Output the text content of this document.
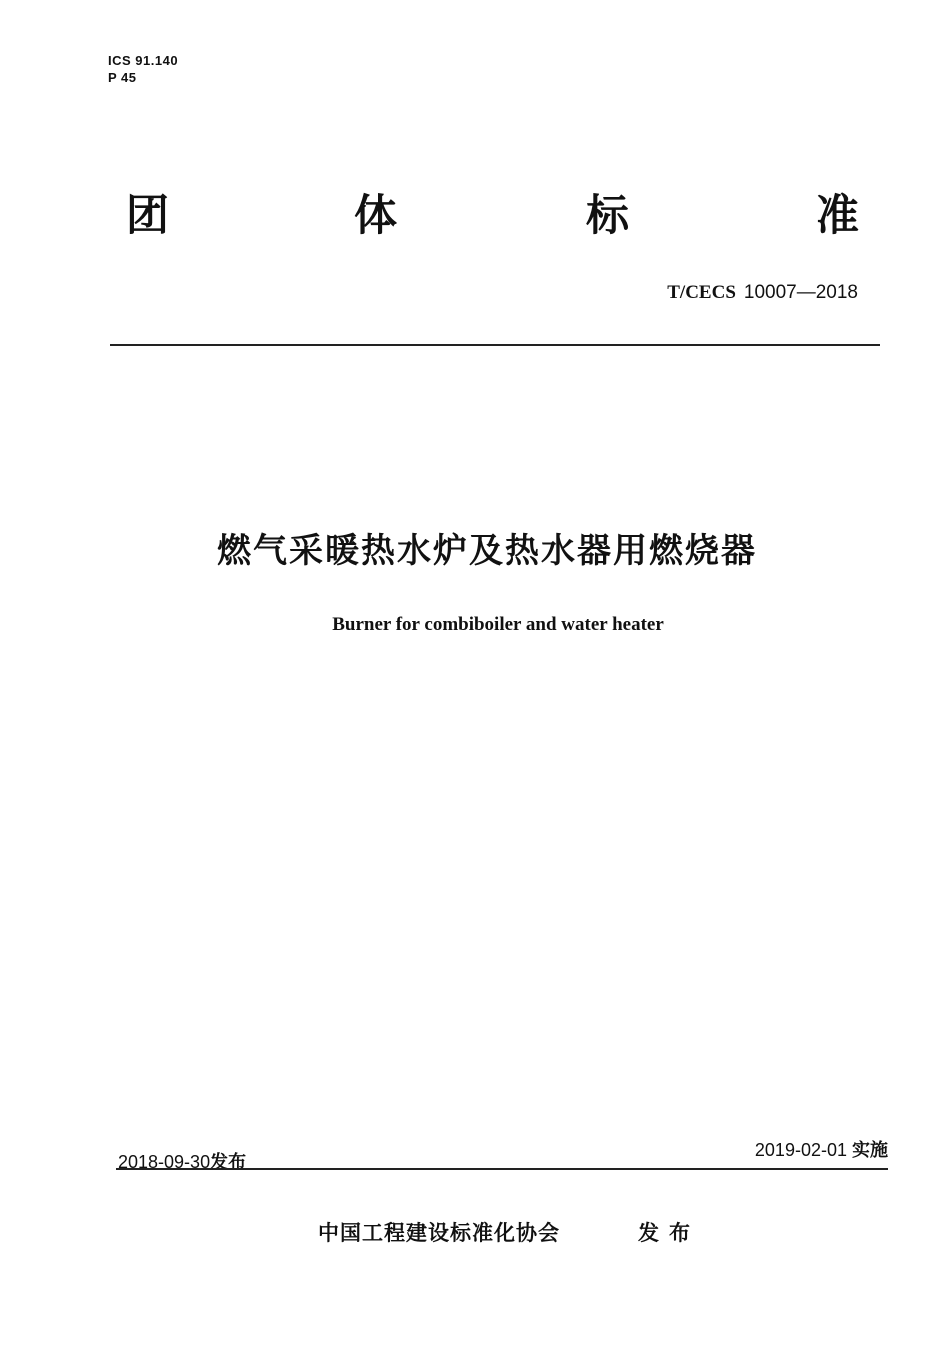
ICS 91.140
P 45
团	体	标	准
T/CECS 10007—2018
燃气采暖热水炉及热水器用燃烧器
Burner for combiboiler and water heater
2018-09-30发布
2019-02-01 实施
中国工程建设标准化协会	发布
